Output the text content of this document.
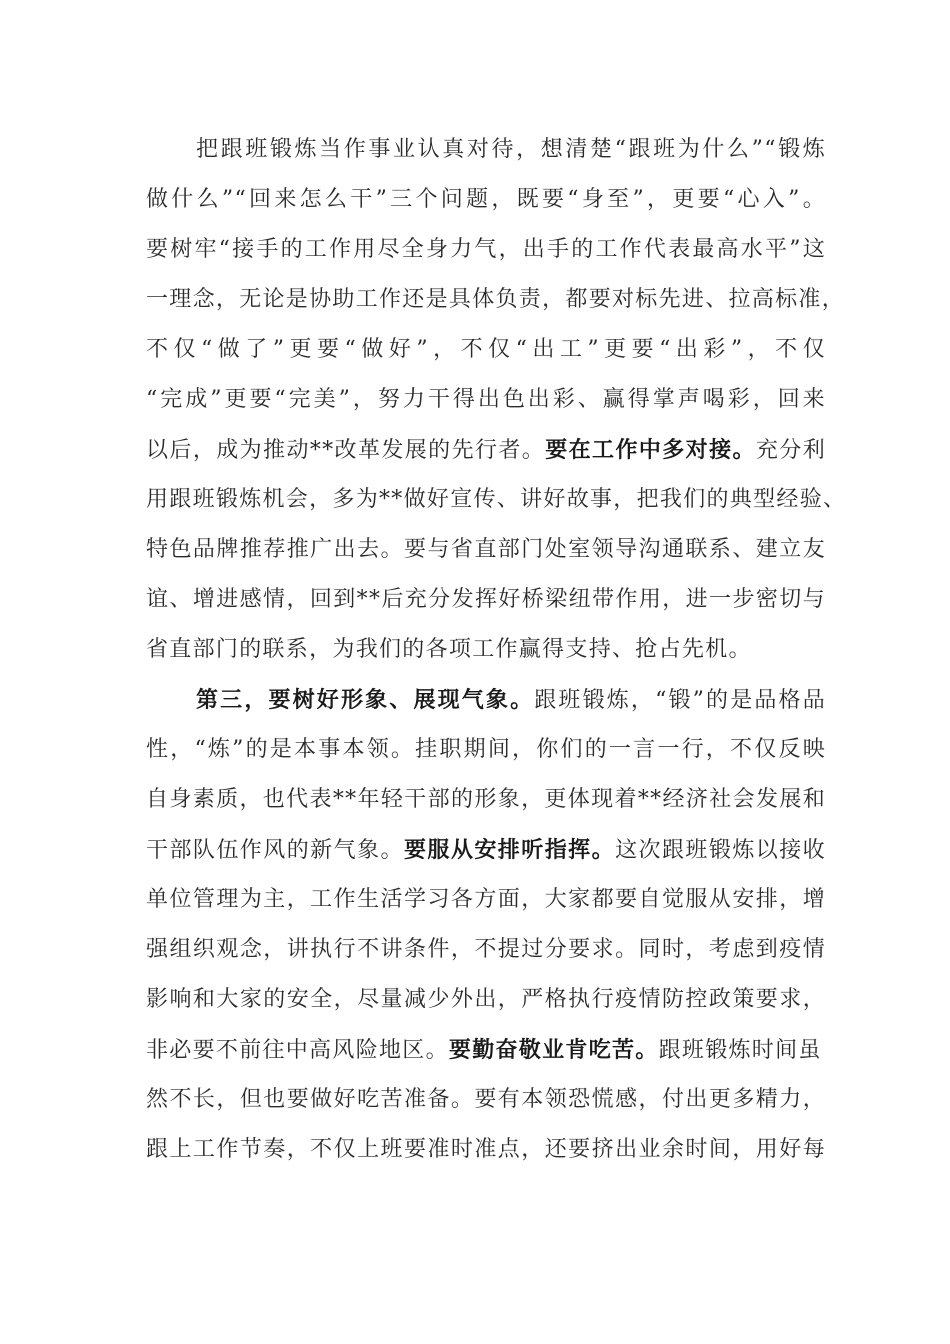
把跟班锻炼当作事业认真对待，想清楚“跟班为什么”“锻炼
做什么”“回来怎么干”三个问题，既要“身至”，更要“心入”。
要树牢“接手的工作用尽全身力气，出手的工作代表最高水平”这
一理念，无论是协助工作还是具体负责，都要对标先进、拉高标准，
不仅“做了”更要“做好”，不仅“出工”更要“出彩”，不仅
“完成”更要“完美”，努力干得出色出彩、赢得掌声喝彩，回来
以后，成为推动**改革发展的先行者。要在工作中多对接。充分利
用跟班锻炼机会，多为**做好宣传、讲好故事，把我们的典型经验、
特色品牌推荐推广出去。要与省直部门处室领导沟通联系、建立友
谊、增进感情，回到**后充分发挥好桥梁纽带作用，进一步密切与
省直部门的联系，为我们的各项工作赢得支持、抢占先机。
第三，要树好形象、展现气象。跟班锻炼，“锻”的是品格品
性，“炼”的是本事本领。挂职期间，你们的一言一行，不仅反映
自身素质，也代表**年轻干部的形象，更体现着**经济社会发展和
干部队伍作风的新气象。要服从安排听指挥。这次跟班锻炼以接收
单位管理为主，工作生活学习各方面，大家都要自觉服从安排，增
强组织观念，讲执行不讲条件，不提过分要求。同时，考虑到疫情
影响和大家的安全，尽量减少外出，严格执行疫情防控政策要求，
非必要不前往中高风险地区。要勤奋敬业肯吃苦。跟班锻炼时间虽
然不长，但也要做好吃苦准备。要有本领恐慌感，付出更多精力，
跟上工作节奏，不仅上班要准时准点，还要挤出业余时间，用好每
